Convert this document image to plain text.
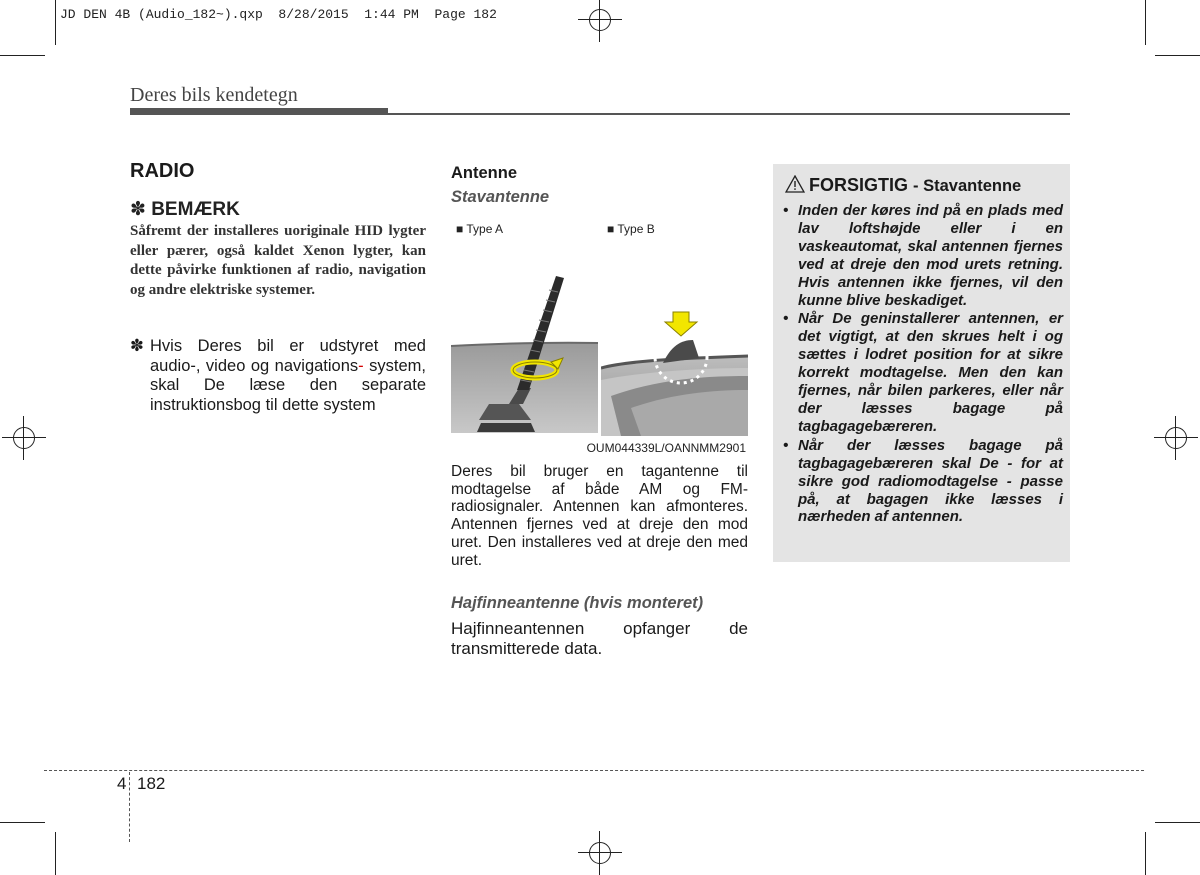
JD DEN 4B (Audio_182~).qxp  8/28/2015  1:44 PM  Page 182
Deres bils kendetegn
RADIO
✽ BEMÆRK
Såfremt der installeres uoriginale HID lygter eller pærer, også kaldet Xenon lygter, kan dette påvirke funktionen af radio, navigation og andre elektriske systemer.
✽ Hvis Deres bil er udstyret med audio-, video og navigations- system, skal De læse den separate instruktionsbog til dette system
Antenne
Stavantenne
■ Type A	■ Type B
OUM044339L/OANNMM2901
Deres bil bruger en tagantenne til modtagelse af både AM og FM-radiosignaler. Antennen kan afmonteres. Antennen fjernes ved at dreje den mod uret. Den installeres ved at dreje den med uret.
Hajfinneantenne (hvis monteret)
Hajfinneantennen opfanger de transmitterede data.
FORSIGTIG - Stavantenne
• Inden der køres ind på en plads med lav loftshøjde eller i en vaskeautomat, skal antennen fjernes ved at dreje den mod urets retning. Hvis antennen ikke fjernes, vil den kunne blive beskadiget.
• Når De geninstallerer antennen, er det vigtigt, at den skrues helt i og sættes i lodret position for at sikre korrekt modtagelse. Men den kan fjernes, når bilen parkeres, eller når der læsses bagage på tagbagagebæreren.
• Når der læsses bagage på tagbagagebæreren skal De - for at sikre god radiomodtagelse - passe på, at bagagen ikke læsses i nærheden af antennen.
4 182
